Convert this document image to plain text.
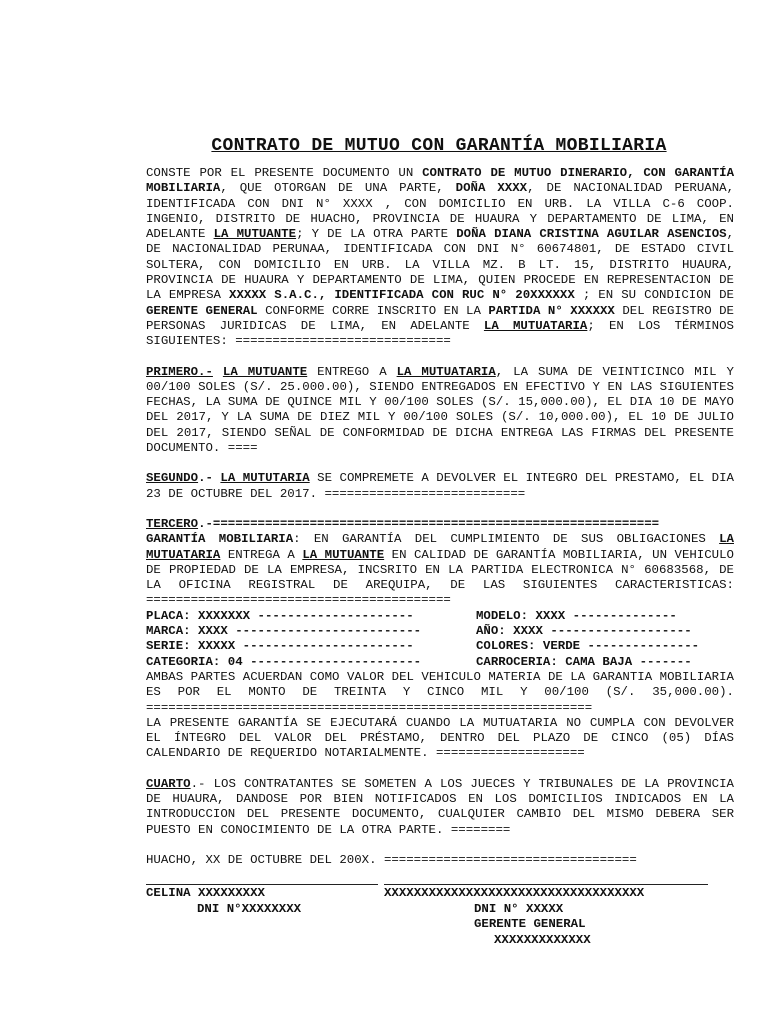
CONTRATO DE MUTUO CON GARANTÍA MOBILIARIA

CONSTE POR EL PRESENTE DOCUMENTO UN CONTRATO DE MUTUO DINERARIO, CON GARANTÍA MOBILIARIA, QUE OTORGAN DE UNA PARTE, DOÑA XXXX, DE NACIONALIDAD PERUANA, IDENTIFICADA CON DNI N° XXXX , CON DOMICILIO EN URB. LA VILLA C-6 COOP. INGENIO, DISTRITO DE HUACHO, PROVINCIA DE HUAURA Y DEPARTAMENTO DE LIMA, EN ADELANTE LA MUTUANTE; Y DE LA OTRA PARTE DOÑA DIANA CRISTINA AGUILAR ASENCIOS, DE NACIONALIDAD PERUNAA, IDENTIFICADA CON DNI N° 60674801, DE ESTADO CIVIL SOLTERA, CON DOMICILIO EN URB. LA VILLA MZ. B LT. 15, DISTRITO HUAURA, PROVINCIA DE HUAURA Y DEPARTAMENTO DE LIMA, QUIEN PROCEDE EN REPRESENTACION DE LA EMPRESA XXXXX S.A.C., IDENTIFICADA CON RUC N° 20XXXXXX ; EN SU CONDICION DE GERENTE GENERAL CONFORME CORRE INSCRITO EN LA PARTIDA N° XXXXXX DEL REGISTRO DE PERSONAS JURIDICAS DE LIMA, EN ADELANTE LA MUTUATARIA; EN LOS TÉRMINOS SIGUIENTES: =============================

PRIMERO.- LA MUTUANTE ENTREGO A LA MUTUATARIA, LA SUMA DE VEINTICINCO MIL Y 00/100 SOLES (S/. 25.000.00), SIENDO ENTREGADOS EN EFECTIVO Y EN LAS SIGUIENTES FECHAS, LA SUMA DE QUINCE MIL Y 00/100 SOLES (S/. 15,000.00), EL DIA 10 DE MAYO DEL 2017, Y LA SUMA DE DIEZ MIL Y 00/100 SOLES (S/. 10,000.00), EL 10 DE JULIO DEL 2017, SIENDO SEÑAL DE CONFORMIDAD DE DICHA ENTREGA LAS FIRMAS DEL PRESENTE DOCUMENTO. ====

SEGUNDO.- LA MUTUTARIA SE COMPREMETE A DEVOLVER EL INTEGRO DEL PRESTAMO, EL DIA 23 DE OCTUBRE DEL 2017. ===========================

TERCERO.-============================================================

GARANTÍA MOBILIARIA: EN GARANTÍA DEL CUMPLIMIENTO DE SUS OBLIGACIONES LA MUTUATARIA ENTREGA A LA MUTUANTE EN CALIDAD DE GARANTÍA MOBILIARIA, UN VEHICULO DE PROPIEDAD DE LA EMPRESA, INCSRITO EN LA PARTIDA ELECTRONICA N° 60683568, DE LA OFICINA REGISTRAL DE AREQUIPA, DE LAS SIGUIENTES CARACTERISTICAS: =========================================

PLACA: XXXXXXX ---------------------	MODELO: XXXX --------------
MARCA: XXXX -------------------------	AÑO: XXXX -------------------
SERIE: XXXXX -----------------------	COLORES: VERDE ---------------
CATEGORIA: 04 -----------------------	CARROCERIA: CAMA BAJA -------

AMBAS PARTES ACUERDAN COMO VALOR DEL VEHICULO MATERIA DE LA GARANTIA MOBILIARIA ES POR EL MONTO DE TREINTA Y CINCO MIL Y 00/100 (S/. 35,000.00). ============================================================

LA PRESENTE GARANTÍA SE EJECUTARÁ CUANDO LA MUTUATARIA NO CUMPLA CON DEVOLVER EL ÍNTEGRO DEL VALOR DEL PRÉSTAMO, DENTRO DEL PLAZO DE CINCO (05) DÍAS CALENDARIO DE REQUERIDO NOTARIALMENTE. ====================

CUARTO.- LOS CONTRATANTES SE SOMETEN A LOS JUECES Y TRIBUNALES DE LA PROVINCIA DE HUAURA, DANDOSE POR BIEN NOTIFICADOS EN LOS DOMICILIOS INDICADOS EN LA INTRODUCCION DEL PRESENTE DOCUMENTO, CUALQUIER CAMBIO DEL MISMO DEBERA SER PUESTO EN CONOCIMIENTO DE LA OTRA PARTE. ========

HUACHO, XX DE OCTUBRE DEL 200X. ==================================

CELINA XXXXXXXXX
DNI N°XXXXXXXX
XXXXXXXXXXXXXXXXXXXXXXXXXXXXXXXXXXX
DNI N° XXXXX
GERENTE GENERAL
XXXXXXXXXXXXX
